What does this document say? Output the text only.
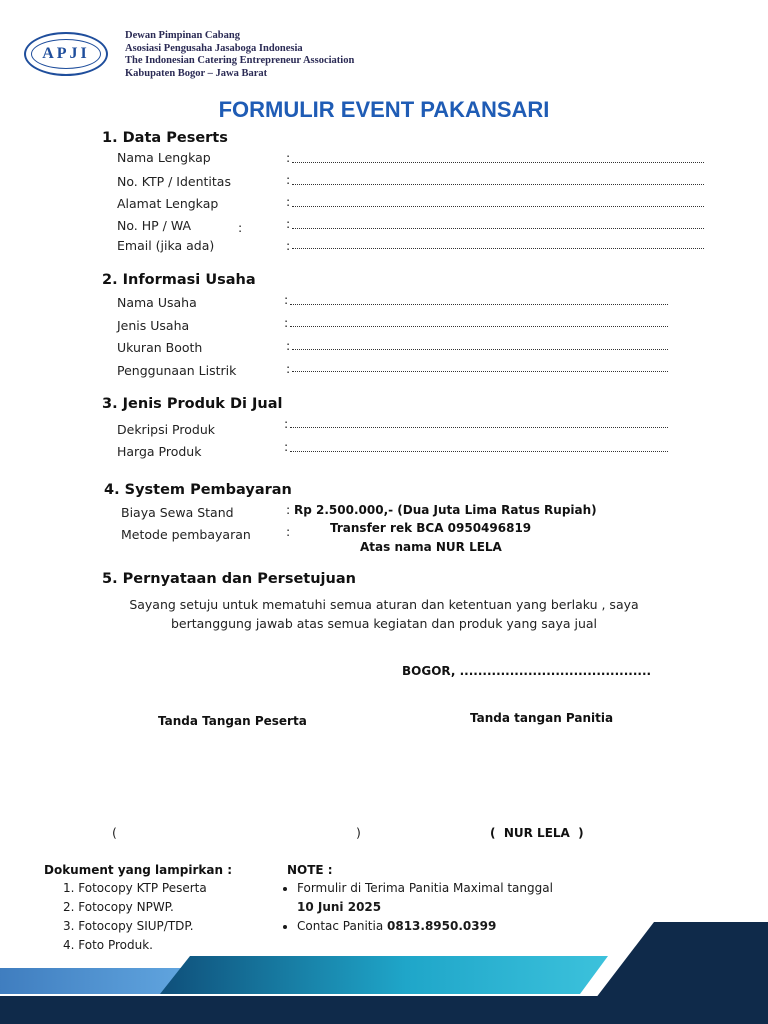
APJI
Dewan Pimpinan Cabang
Asosiasi Pengusaha Jasaboga Indonesia
The Indonesian Catering Entrepreneur Association
Kabupaten Bogor – Jawa Barat
FORMULIR EVENT PAKANSARI
1. Data Peserts
Nama Lengkap	:
No. KTP / Identitas	:
Alamat Lengkap	:
No. HP / WA	:	:
Email (jika ada)	:
2. Informasi Usaha
Nama Usaha	:
Jenis Usaha	:
Ukuran Booth	:
Penggunaan Listrik	:
3. Jenis Produk Di Jual
Dekripsi Produk	:
Harga Produk	:
4. System Pembayaran
Biaya Sewa Stand	: Rp 2.500.000,- (Dua Juta Lima Ratus Rupiah)
Metode pembayaran	:	Transfer rek BCA 0950496819
Atas nama NUR LELA
5. Pernyataan dan Persetujuan
Sayang setuju untuk mematuhi semua aturan dan ketentuan yang berlaku , saya
bertanggung jawab atas semua kegiatan dan produk yang saya jual
BOGOR, ..........................................
Tanda Tangan Peserta	Tanda tangan Panitia
(	)	(  NUR LELA  )
Dokument yang lampirkan :
1. Fotocopy KTP Peserta
2. Fotocopy NPWP.
3. Fotocopy SIUP/TDP.
4. Foto Produk.
NOTE :
• Formulir di Terima Panitia Maximal tanggal
10 Juni 2025
• Contac Panitia 0813.8950.0399
